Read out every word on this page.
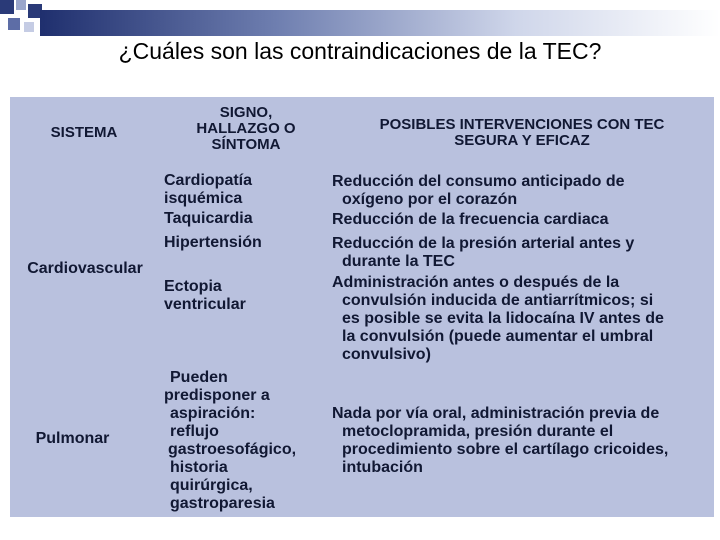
¿Cuáles son las contraindicaciones de la TEC?
SISTEMA
SIGNO,
HALLAZGO O
SÍNTOMA
POSIBLES INTERVENCIONES CON TEC
SEGURA Y EFICAZ
Cardiovascular
Cardiopatía
isquémica
Taquicardia
Hipertensión
Ectopia
ventricular
Reducción del consumo anticipado de
oxígeno por el corazón
Reducción de la frecuencia cardiaca
Reducción de la presión arterial antes y
durante la TEC
Administración antes o después de la
convulsión inducida de antiarrítmicos; si
es posible se evita la lidocaína IV antes de
la convulsión (puede aumentar el umbral
convulsivo)
Pulmonar
Pueden
predisponer a
aspiración:
reflujo
gastroesofágico,
historia
quirúrgica,
gastroparesia
Nada por vía oral, administración previa de
metoclopramida, presión durante el
procedimiento sobre el cartílago cricoides,
intubación
